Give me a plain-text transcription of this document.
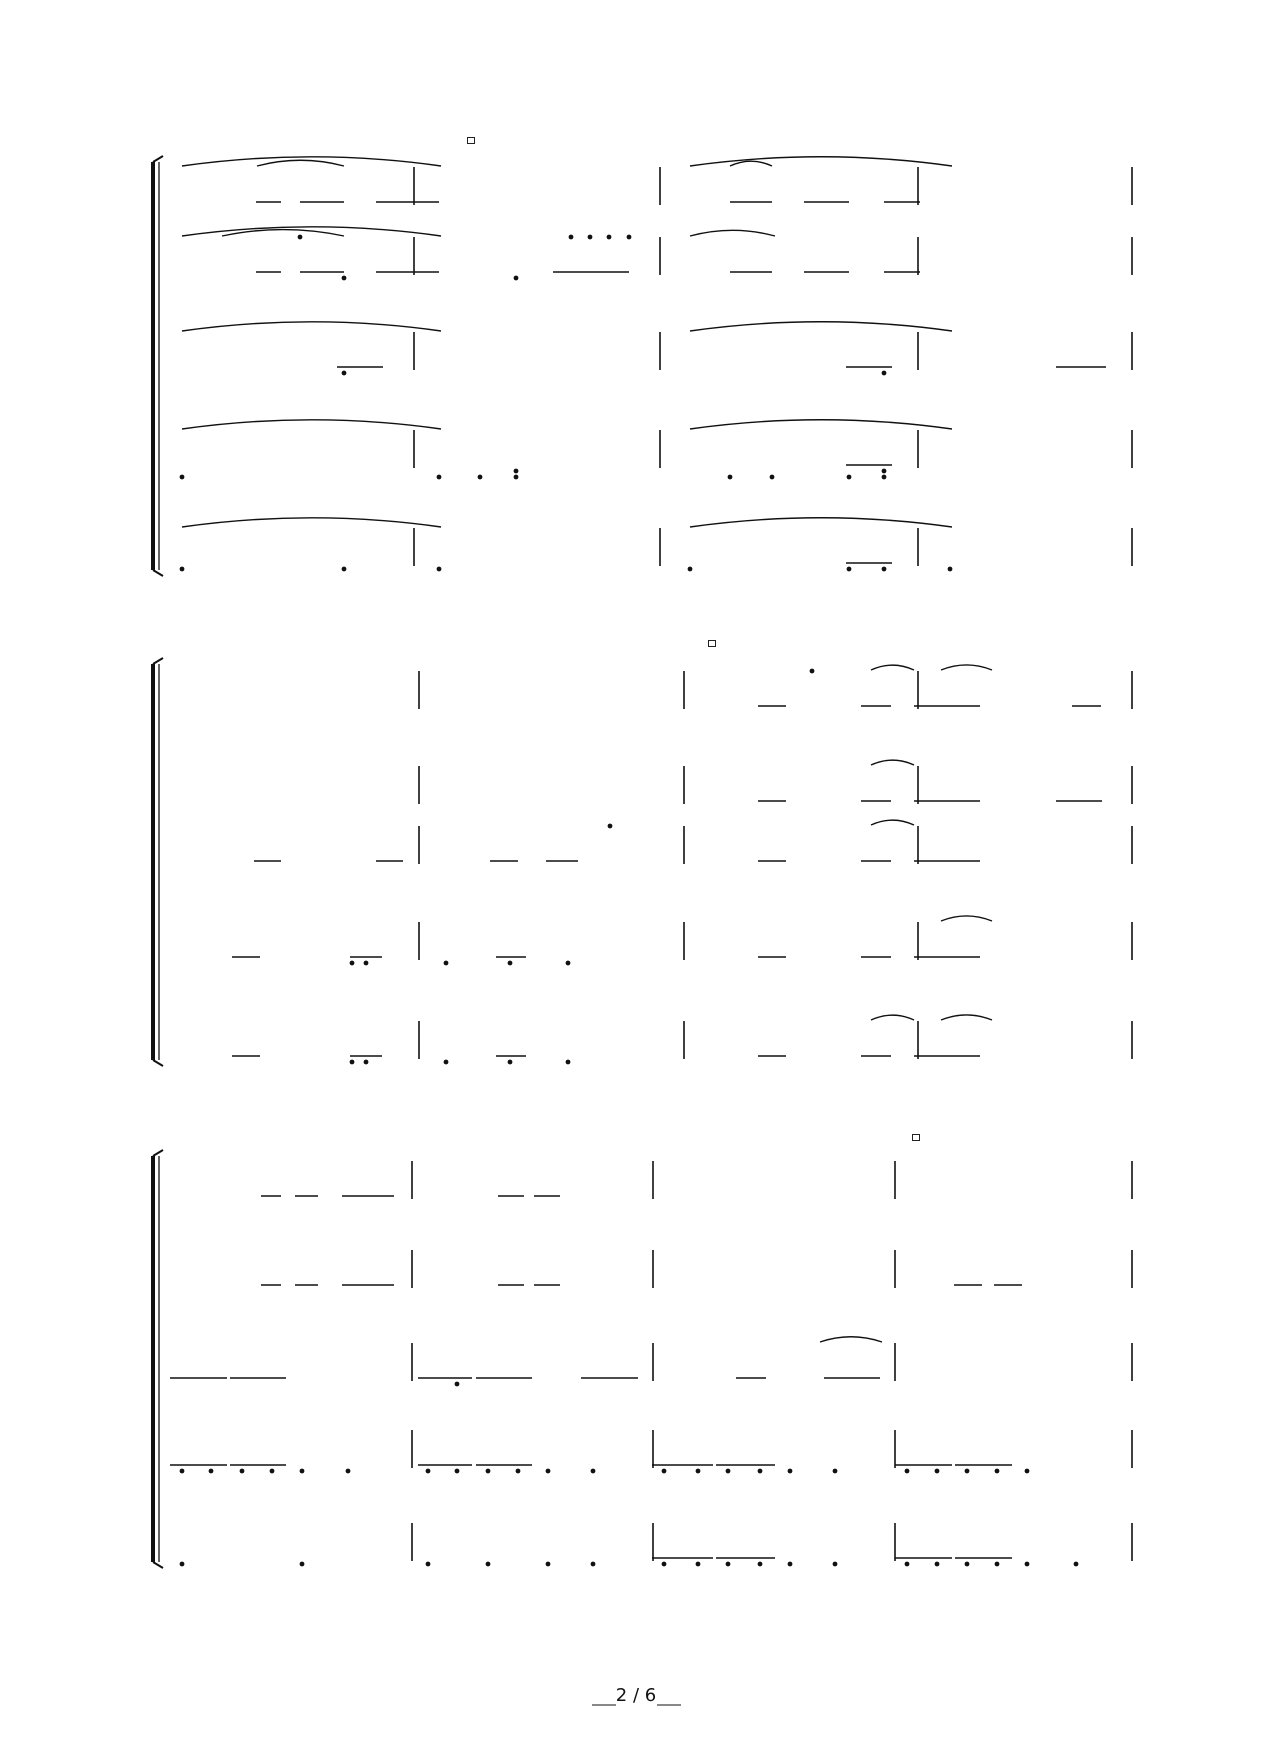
2 / 6
